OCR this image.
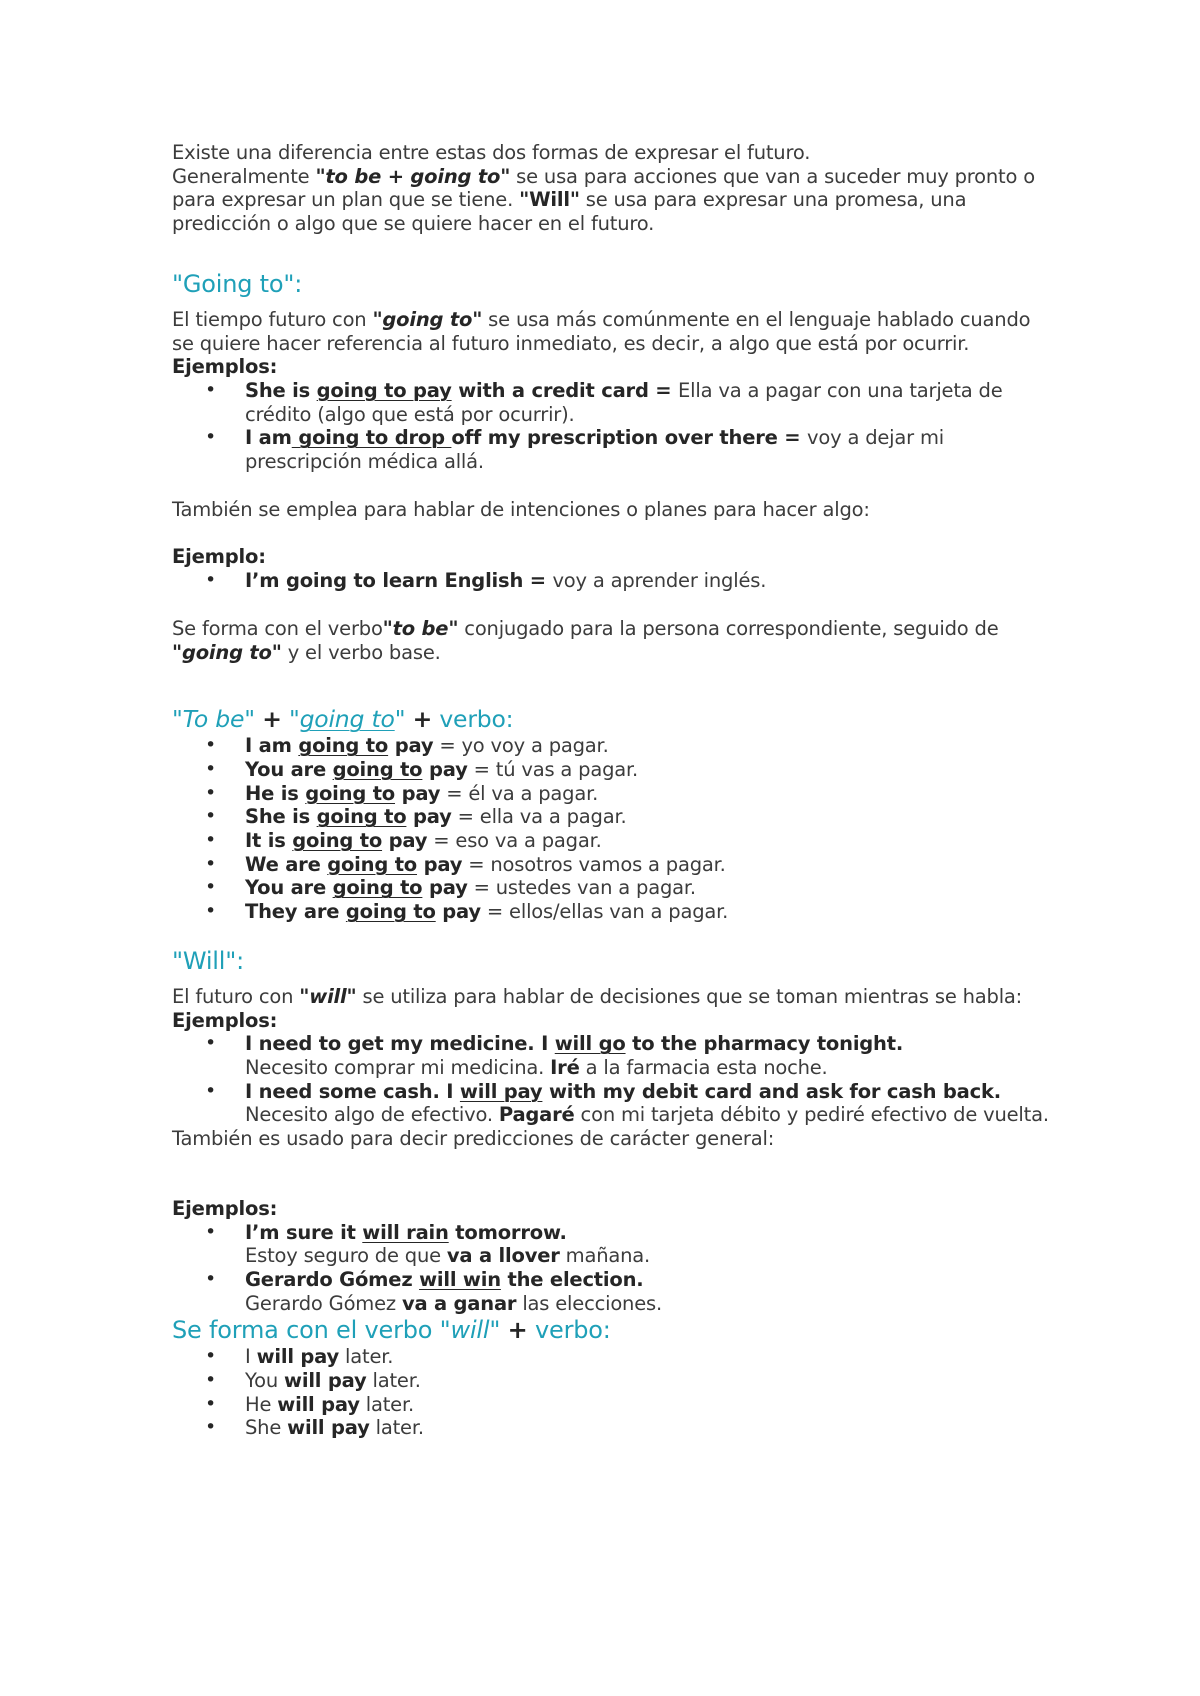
Existe una diferencia entre estas dos formas de expresar el futuro.

Generalmente "to be + going to" se usa para acciones que van a suceder muy pronto o para expresar un plan que se tiene. "Will" se usa para expresar una promesa, una predicción o algo que se quiere hacer en el futuro.

"Going to":

El tiempo futuro con "going to" se usa más comúnmente en el lenguaje hablado cuando se quiere hacer referencia al futuro inmediato, es decir, a algo que está por ocurrir.

Ejemplos:

• She is going to pay with a credit card = Ella va a pagar con una tarjeta de crédito (algo que está por ocurrir).
• I am going to drop off my prescription over there = voy a dejar mi prescripción médica allá.

También se emplea para hablar de intenciones o planes para hacer algo:

Ejemplo:

• I’m going to learn English = voy a aprender inglés.

Se forma con el verbo"to be" conjugado para la persona correspondiente, seguido de "going to" y el verbo base.

"To be" + "going to" + verbo:
• I am going to pay = yo voy a pagar.
• You are going to pay = tú vas a pagar.
• He is going to pay = él va a pagar.
• She is going to pay = ella va a pagar.
• It is going to pay = eso va a pagar.
• We are going to pay = nosotros vamos a pagar.
• You are going to pay = ustedes van a pagar.
• They are going to pay = ellos/ellas van a pagar.
"Will":

El futuro con "will" se utiliza para hablar de decisiones que se toman mientras se habla:

Ejemplos:

• I need to get my medicine. I will go to the pharmacy tonight.
Necesito comprar mi medicina. Iré a la farmacia esta noche.
• I need some cash. I will pay with my debit card and ask for cash back.
Necesito algo de efectivo. Pagaré con mi tarjeta débito y pediré efectivo de vuelta.

También es usado para decir predicciones de carácter general:

Ejemplos:

• I’m sure it will rain tomorrow.
Estoy seguro de que va a llover mañana.
• Gerardo Gómez will win the election.
Gerardo Gómez va a ganar las elecciones.
Se forma con el verbo "will" + verbo:
• I will pay later.
• You will pay later.
• He will pay later.
• She will pay later.
